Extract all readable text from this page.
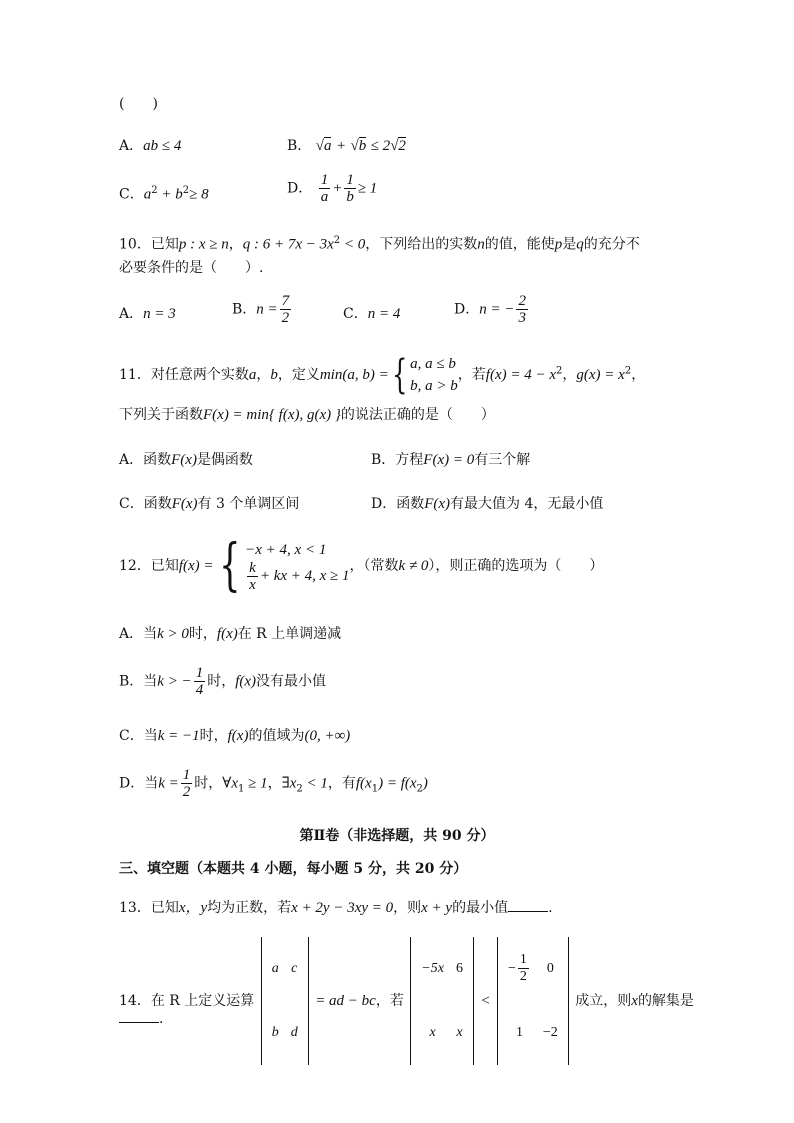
(　　)
A．ab ≤ 4	B． √a + √b ≤ 2√2
C．$a^2 + b^2\ge 8$	D． $\frac{1}{a} + \frac{1}{b} \ge 1$
10．已知p : x ≥ n，q : $6 + 7x - 3x^2 < 0$，下列给出的实数n的值，能使p是q的充分不
必要条件的是（　　）.
A．n = 3	B．$n = \frac{7}{2}$	C．n = 4	D．n = − $\frac{2}{3}$
11．对任意两个实数a，b，定义min(a, b) = { a, a ≤ b
b, a > b
，若$f(x) = 4 - x^2$，$g(x) = x^2$，
下列关于函数F(x) = min{ f(x), g(x) }的说法正确的是（　　）
A．函数F(x)是偶函数	B．方程F(x) = 0有三个解
C．函数F(x)有 3 个单调区间	D．函数F(x)有最大值为 4，无最小值
12．已知f(x) = { −x + 4, x < 1
$\frac{k}{x}$ + kx + 4, x ≥ 1
，（常数k ≠ 0），则正确的选项为（　　）
A．当k > 0时，f(x)在 R 上单调递减
B．当k > − $\frac{1}{4}$ 时，f(x)没有最小值
C．当k = −1时，f(x)的值域为(0, +∞)
D．当$k = \frac{1}{2}$ 时，$\forall x_1 \ge 1$，$\exists x_2 < 1$，有$f(x_1) = f(x_2)$
第Ⅱ卷（非选择题，共 90 分）
三、填空题（本题共 4 小题，每小题 5 分，共 20 分）
13．已知x，y均为正数，若x + 2y − 3xy = 0，则x + y的最小值	.
14．在 R 上定义运算
a	c
b	d
= ad − bc，若
−5x	6
x	x
<
− $\frac{1}{2}$	0
1	−2
成立，则x的解集是
.
